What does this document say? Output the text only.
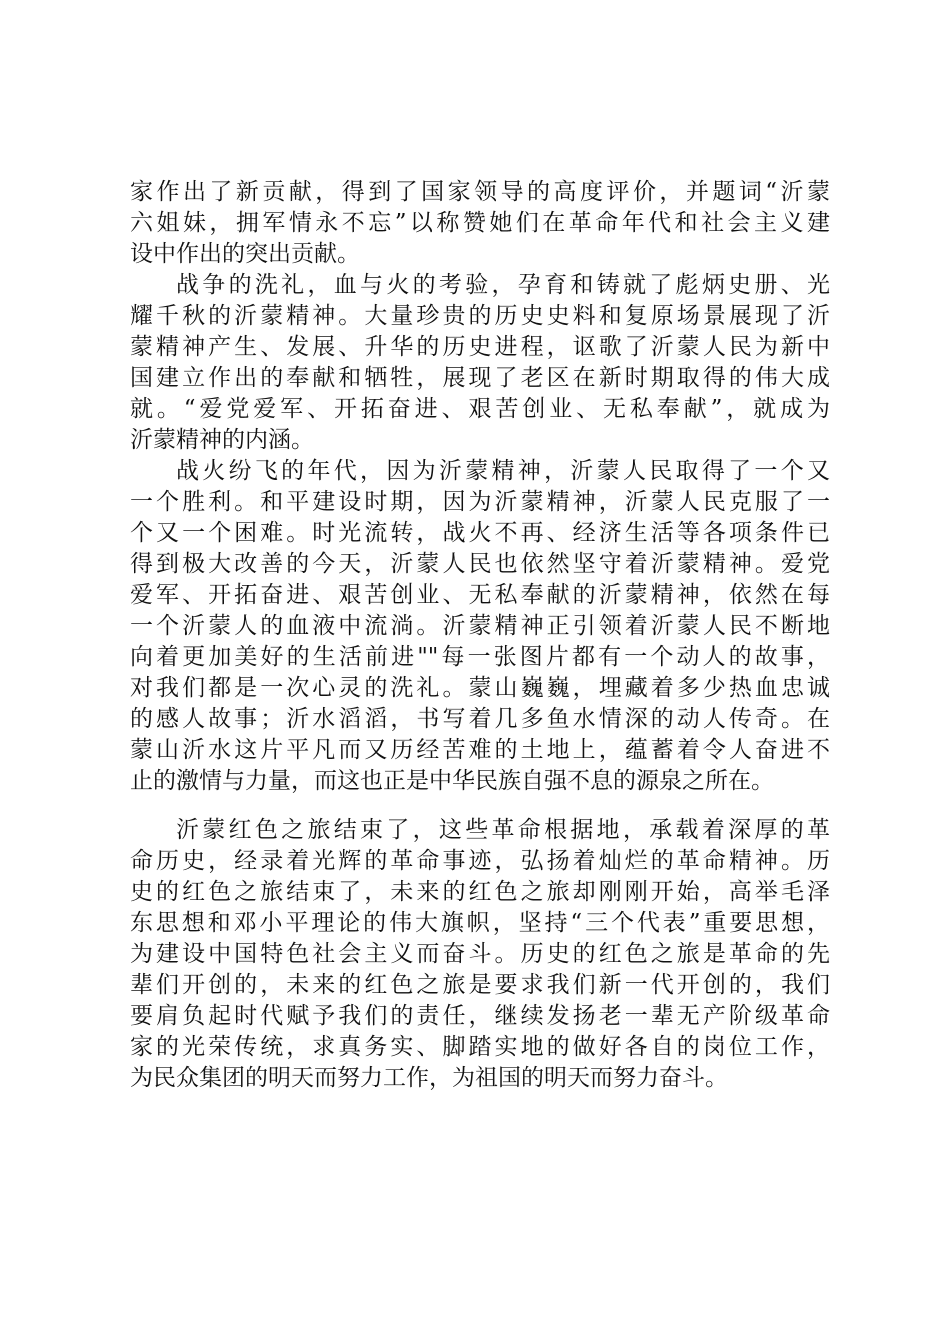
家作出了新贡献，得到了国家领导的高度评价，并题词“沂蒙
六姐妹，拥军情永不忘”以称赞她们在革命年代和社会主义建
设中作出的突出贡献。
战争的洗礼，血与火的考验，孕育和铸就了彪炳史册、光
耀千秋的沂蒙精神。大量珍贵的历史史料和复原场景展现了沂
蒙精神产生、发展、升华的历史进程，讴歌了沂蒙人民为新中
国建立作出的奉献和牺牲，展现了老区在新时期取得的伟大成
就。“爱党爱军、开拓奋进、艰苦创业、无私奉献”，就成为
沂蒙精神的内涵。
战火纷飞的年代，因为沂蒙精神，沂蒙人民取得了一个又
一个胜利。和平建设时期，因为沂蒙精神，沂蒙人民克服了一
个又一个困难。时光流转，战火不再、经济生活等各项条件已
得到极大改善的今天，沂蒙人民也依然坚守着沂蒙精神。爱党
爱军、开拓奋进、艰苦创业、无私奉献的沂蒙精神，依然在每
一个沂蒙人的血液中流淌。沂蒙精神正引领着沂蒙人民不断地
向着更加美好的生活前进""每一张图片都有一个动人的故事，
对我们都是一次心灵的洗礼。蒙山巍巍，埋藏着多少热血忠诚
的感人故事；沂水滔滔，书写着几多鱼水情深的动人传奇。在
蒙山沂水这片平凡而又历经苦难的土地上，蕴蓄着令人奋进不
止的激情与力量，而这也正是中华民族自强不息的源泉之所在。
沂蒙红色之旅结束了，这些革命根据地，承载着深厚的革
命历史，经录着光辉的革命事迹，弘扬着灿烂的革命精神。历
史的红色之旅结束了，未来的红色之旅却刚刚开始，高举毛泽
东思想和邓小平理论的伟大旗帜，坚持“三个代表”重要思想，
为建设中国特色社会主义而奋斗。历史的红色之旅是革命的先
辈们开创的，未来的红色之旅是要求我们新一代开创的，我们
要肩负起时代赋予我们的责任，继续发扬老一辈无产阶级革命
家的光荣传统，求真务实、脚踏实地的做好各自的岗位工作，
为民众集团的明天而努力工作，为祖国的明天而努力奋斗。
